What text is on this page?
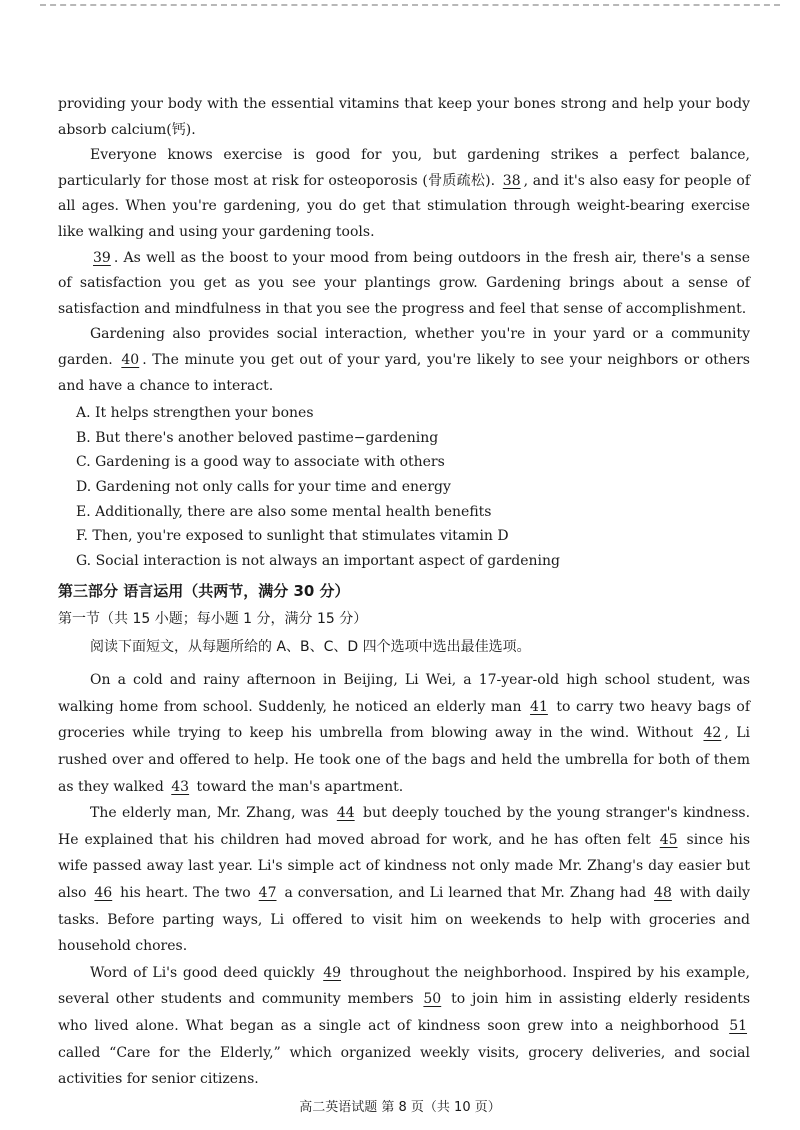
providing your body with the essential vitamins that keep your bones strong and help your body absorb calcium(钙).

Everyone knows exercise is good for you, but gardening strikes a perfect balance, particularly for those most at risk for osteoporosis (骨质疏松). 38 , and it's also easy for people of all ages. When you're gardening, you do get that stimulation through weight-bearing exercise like walking and using your gardening tools.

39 . As well as the boost to your mood from being outdoors in the fresh air, there's a sense of satisfaction you get as you see your plantings grow. Gardening brings about a sense of satisfaction and mindfulness in that you see the progress and feel that sense of accomplishment.

Gardening also provides social interaction, whether you're in your yard or a community garden. 40 . The minute you get out of your yard, you're likely to see your neighbors or others and have a chance to interact.

A. It helps strengthen your bones
B. But there's another beloved pastime−gardening
C. Gardening is a good way to associate with others
D. Gardening not only calls for your time and energy
E. Additionally, there are also some mental health benefits
F. Then, you're exposed to sunlight that stimulates vitamin D
G. Social interaction is not always an important aspect of gardening
第三部分 语言运用（共两节，满分 30 分）
第一节（共 15 小题；每小题 1 分，满分 15 分）
阅读下面短文，从每题所给的 A、B、C、D 四个选项中选出最佳选项。

On a cold and rainy afternoon in Beijing, Li Wei, a 17-year-old high school student, was walking home from school. Suddenly, he noticed an elderly man 41 to carry two heavy bags of groceries while trying to keep his umbrella from blowing away in the wind. Without 42 , Li rushed over and offered to help. He took one of the bags and held the umbrella for both of them as they walked 43 toward the man's apartment.

The elderly man, Mr. Zhang, was 44 but deeply touched by the young stranger's kindness. He explained that his children had moved abroad for work, and he has often felt 45 since his wife passed away last year. Li's simple act of kindness not only made Mr. Zhang's day easier but also 46 his heart. The two 47 a conversation, and Li learned that Mr. Zhang had 48 with daily tasks. Before parting ways, Li offered to visit him on weekends to help with groceries and household chores.

Word of Li's good deed quickly 49 throughout the neighborhood. Inspired by his example, several other students and community members 50 to join him in assisting elderly residents who lived alone. What began as a single act of kindness soon grew into a neighborhood 51 called “Care for the Elderly,” which organized weekly visits, grocery deliveries, and social activities for senior citizens.

高二英语试题 第 8 页（共 10 页）
